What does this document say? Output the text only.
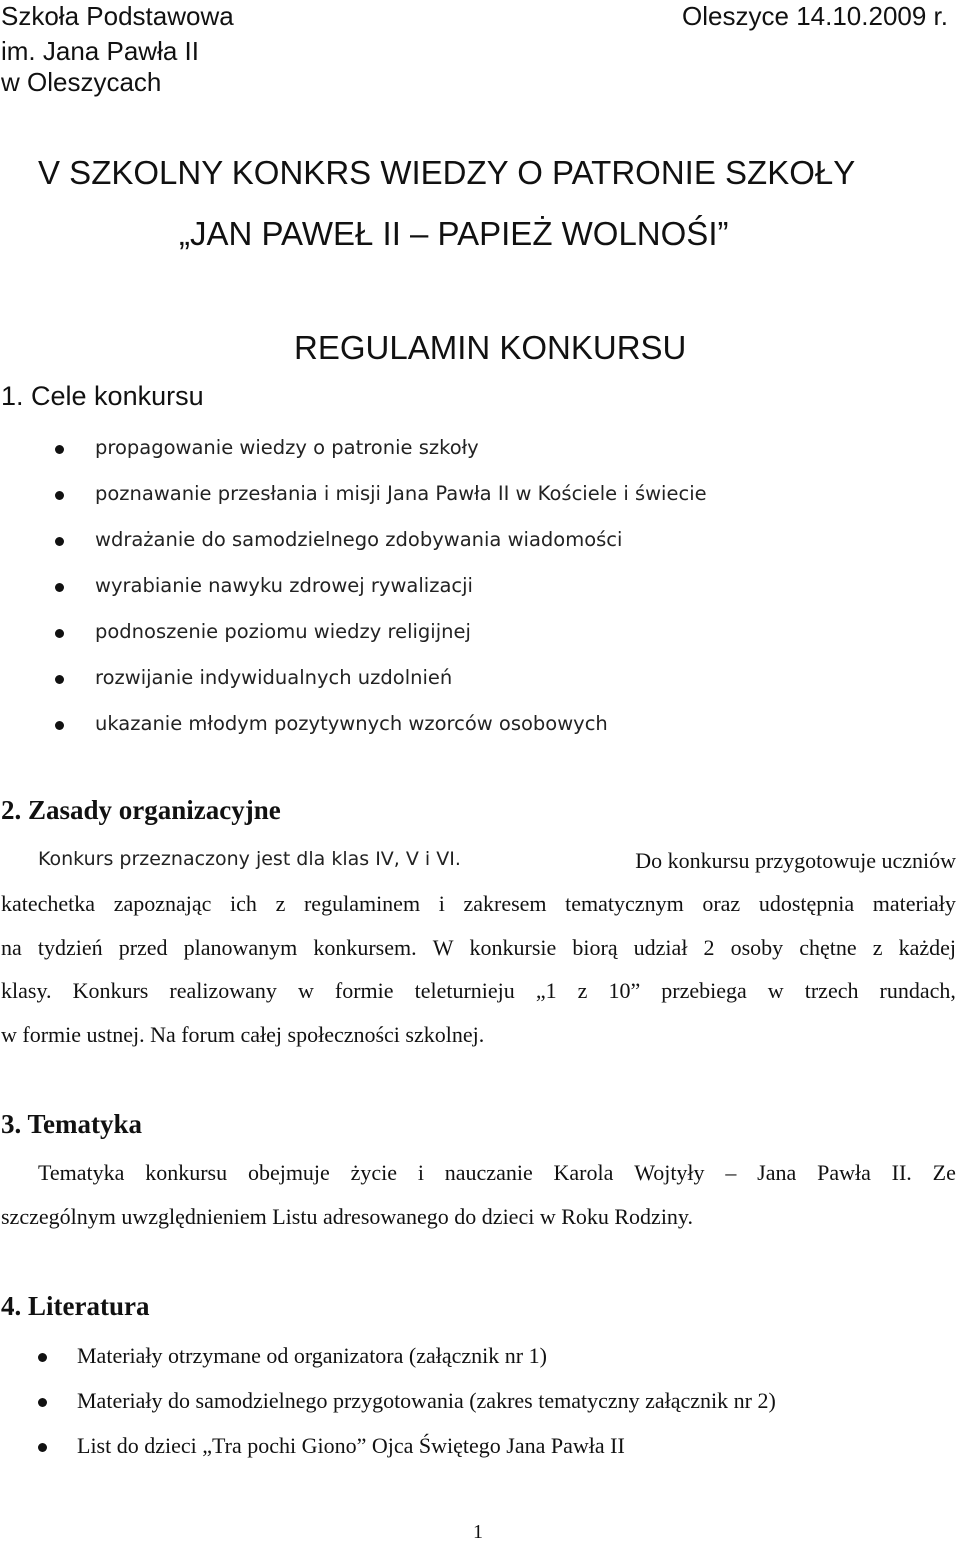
Szkoła Podstawowa
im. Jana Pawła II
w Oleszycach
Oleszyce 14.10.2009 r.
V SZKOLNY KONKRS WIEDZY O PATRONIE SZKOŁY
„JAN PAWEŁ II – PAPIEŻ WOLNOŚI”
REGULAMIN KONKURSU
1. Cele konkursu
propagowanie wiedzy o patronie szkoły
poznawanie przesłania i misji Jana Pawła II w Kościele i świecie
wdrażanie do samodzielnego zdobywania wiadomości
wyrabianie nawyku zdrowej rywalizacji
podnoszenie poziomu wiedzy religijnej
rozwijanie indywidualnych uzdolnień
ukazanie młodym pozytywnych wzorców osobowych
2. Zasady organizacyjne
Konkurs przeznaczony jest dla klas IV, V i VI.	Do konkursu przygotowuje uczniów
katechetka zapoznając ich z regulaminem i zakresem tematycznym oraz udostępnia materiały
na tydzień przed planowanym konkursem. W konkursie biorą udział 2 osoby chętne z każdej
klasy. Konkurs realizowany w formie teleturnieju „1 z 10” przebiega w trzech rundach,
w formie ustnej. Na forum całej społeczności szkolnej.
3. Tematyka
Tematyka konkursu obejmuje życie i nauczanie Karola Wojtyły – Jana Pawła II. Ze
szczególnym uwzględnieniem Listu adresowanego do dzieci w Roku Rodziny.
4. Literatura
Materiały otrzymane od organizatora (załącznik nr 1)
Materiały do samodzielnego przygotowania (zakres tematyczny załącznik nr 2)
List do dzieci „Tra pochi Giono” Ojca Świętego Jana Pawła II
1
